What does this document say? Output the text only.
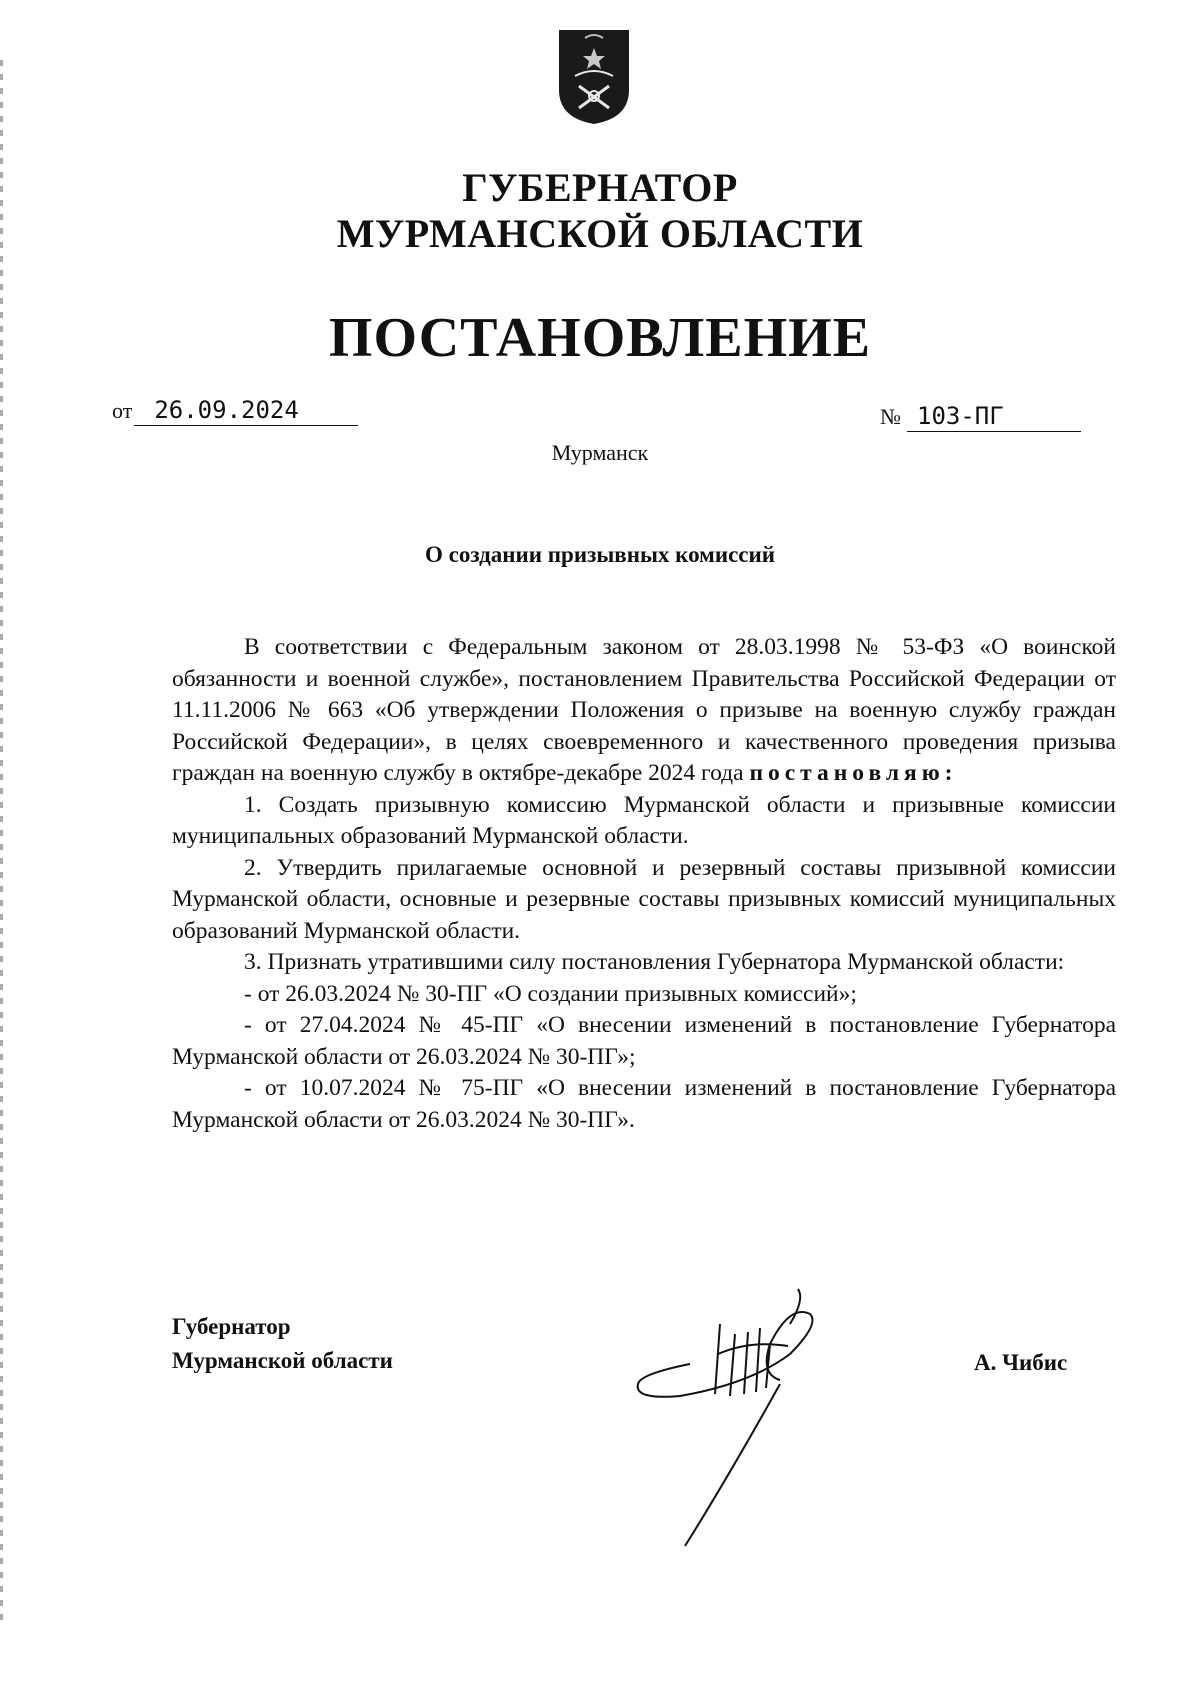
ГУБЕРНАТОР
МУРМАНСКОЙ ОБЛАСТИ
ПОСТАНОВЛЕНИЕ
от 26.09.2024	№ 103-ПГ
Мурманск
О создании призывных комиссий

В соответствии с Федеральным законом от 28.03.1998 № 53-ФЗ «О воинской обязанности и военной службе», постановлением Правительства Российской Федерации от 11.11.2006 № 663 «Об утверждении Положения о призыве на военную службу граждан Российской Федерации», в целях своевременного и качественного проведения призыва граждан на военную службу в октябре-декабре 2024 года постановляю:

1. Создать призывную комиссию Мурманской области и призывные комиссии муниципальных образований Мурманской области.

2. Утвердить прилагаемые основной и резервный составы призывной комиссии Мурманской области, основные и резервные составы призывных комиссий муниципальных образований Мурманской области.

3. Признать утратившими силу постановления Губернатора Мурманской области:

- от 26.03.2024 № 30-ПГ «О создании призывных комиссий»;

- от 27.04.2024 № 45-ПГ «О внесении изменений в постановление Губернатора Мурманской области от 26.03.2024 № 30-ПГ»;

- от 10.07.2024 № 75-ПГ «О внесении изменений в постановление Губернатора Мурманской области от 26.03.2024 № 30-ПГ».

Губернатор
Мурманской области	А. Чибис
